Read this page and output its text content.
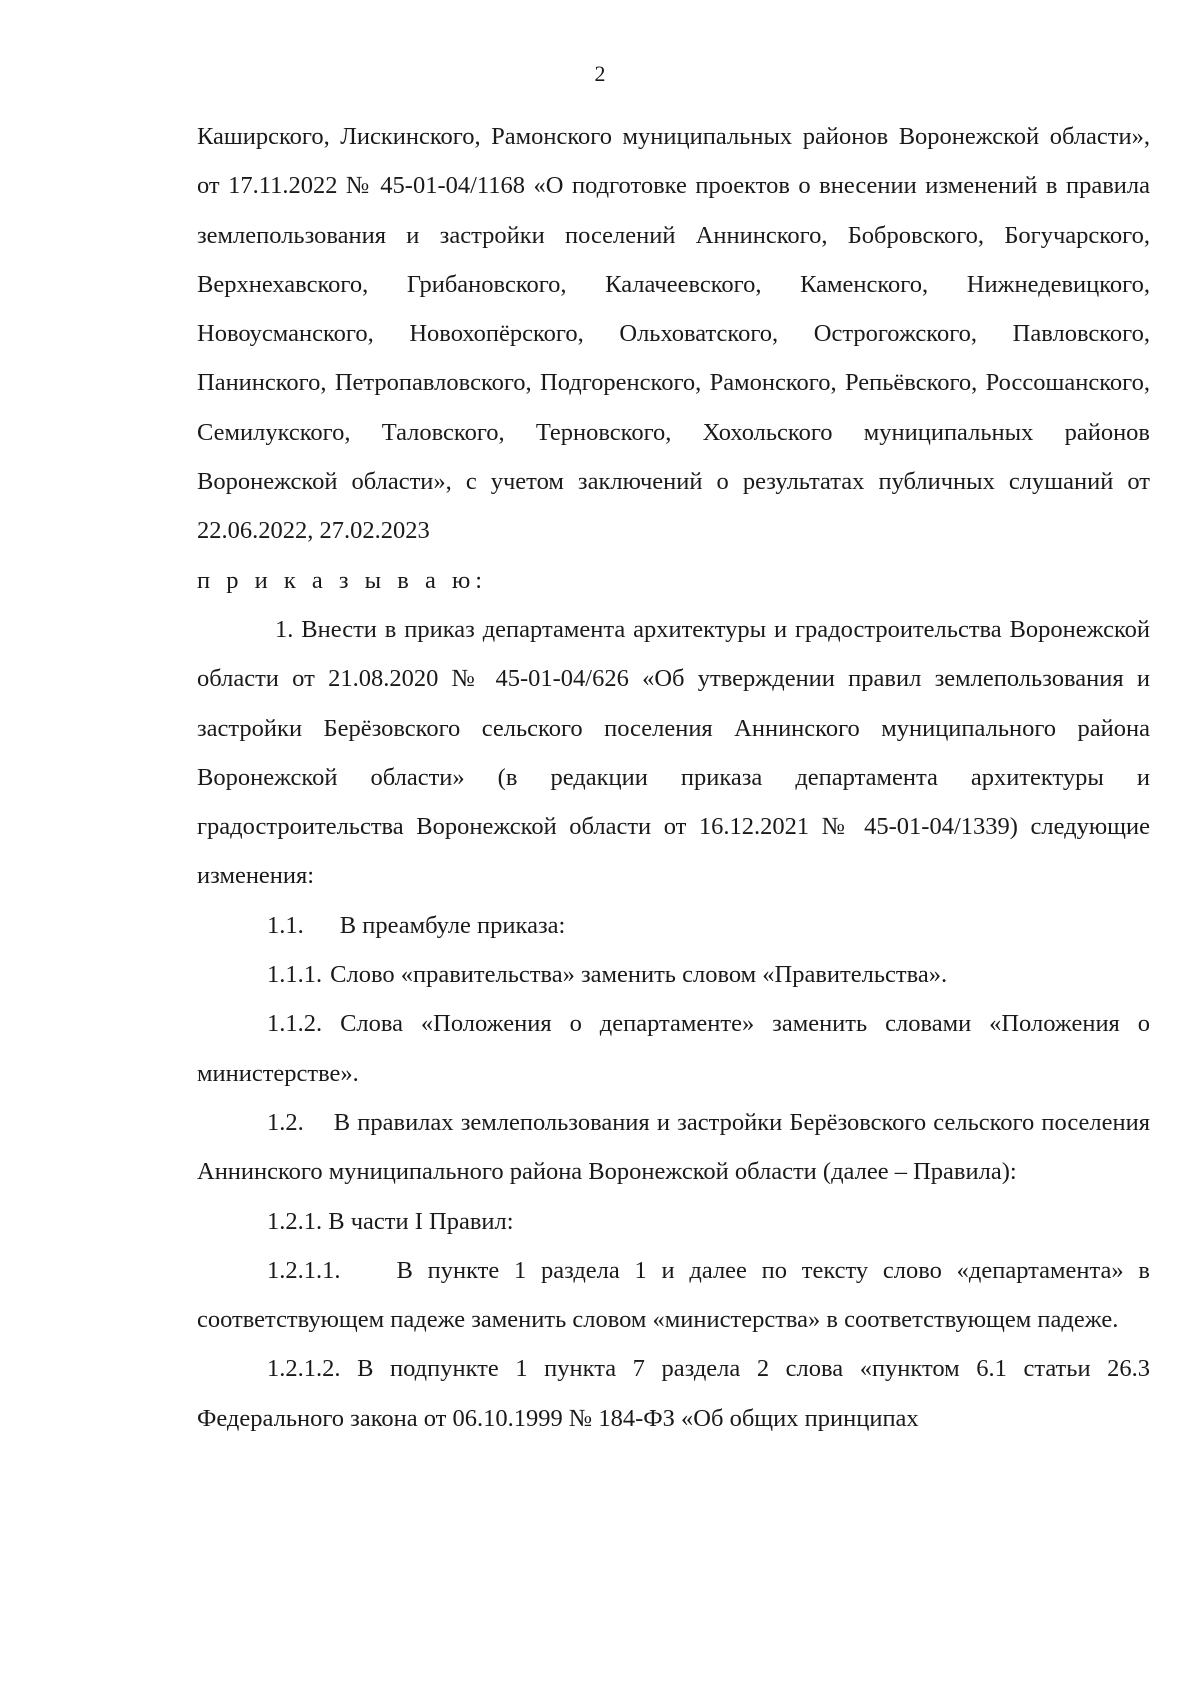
2

Каширского, Лискинского, Рамонского муниципальных районов Воронежской области», от 17.11.2022 № 45-01-04/1168 «О подготовке проектов о внесении изменений в правила землепользования и застройки поселений Аннинского, Бобровского, Богучарского, Верхнехавского, Грибановского, Калачеевского, Каменского, Нижнедевицкого, Новоусманского, Новохопёрского, Ольховатского, Острогожского, Павловского, Панинского, Петропавловского, Подгоренского, Рамонского, Репьёвского, Россошанского, Семилукского, Таловского, Терновского, Хохольского муниципальных районов Воронежской области», с учетом заключений о результатах публичных слушаний от 22.06.2022, 27.02.2023

п р и к а з ы в а ю:

1. Внести в приказ департамента архитектуры и градостроительства Воронежской области от 21.08.2020 № 45-01-04/626 «Об утверждении правил землепользования и застройки Берёзовского сельского поселения Аннинского муниципального района Воронежской области» (в редакции приказа департамента архитектуры и градостроительства Воронежской области от 16.12.2021 № 45-01-04/1339) следующие изменения:

1.1. В преамбуле приказа:

1.1.1. Слово «правительства» заменить словом «Правительства».

1.1.2. Слова «Положения о департаменте» заменить словами «Положения о министерстве».

1.2. В правилах землепользования и застройки Берёзовского сельского поселения Аннинского муниципального района Воронежской области (далее – Правила):

1.2.1. В части I Правил:

1.2.1.1. В пункте 1 раздела 1 и далее по тексту слово «департамента» в соответствующем падеже заменить словом «министерства» в соответствующем падеже.

1.2.1.2. В подпункте 1 пункта 7 раздела 2 слова «пунктом 6.1 статьи 26.3 Федерального закона от 06.10.1999 № 184-ФЗ «Об общих принципах
